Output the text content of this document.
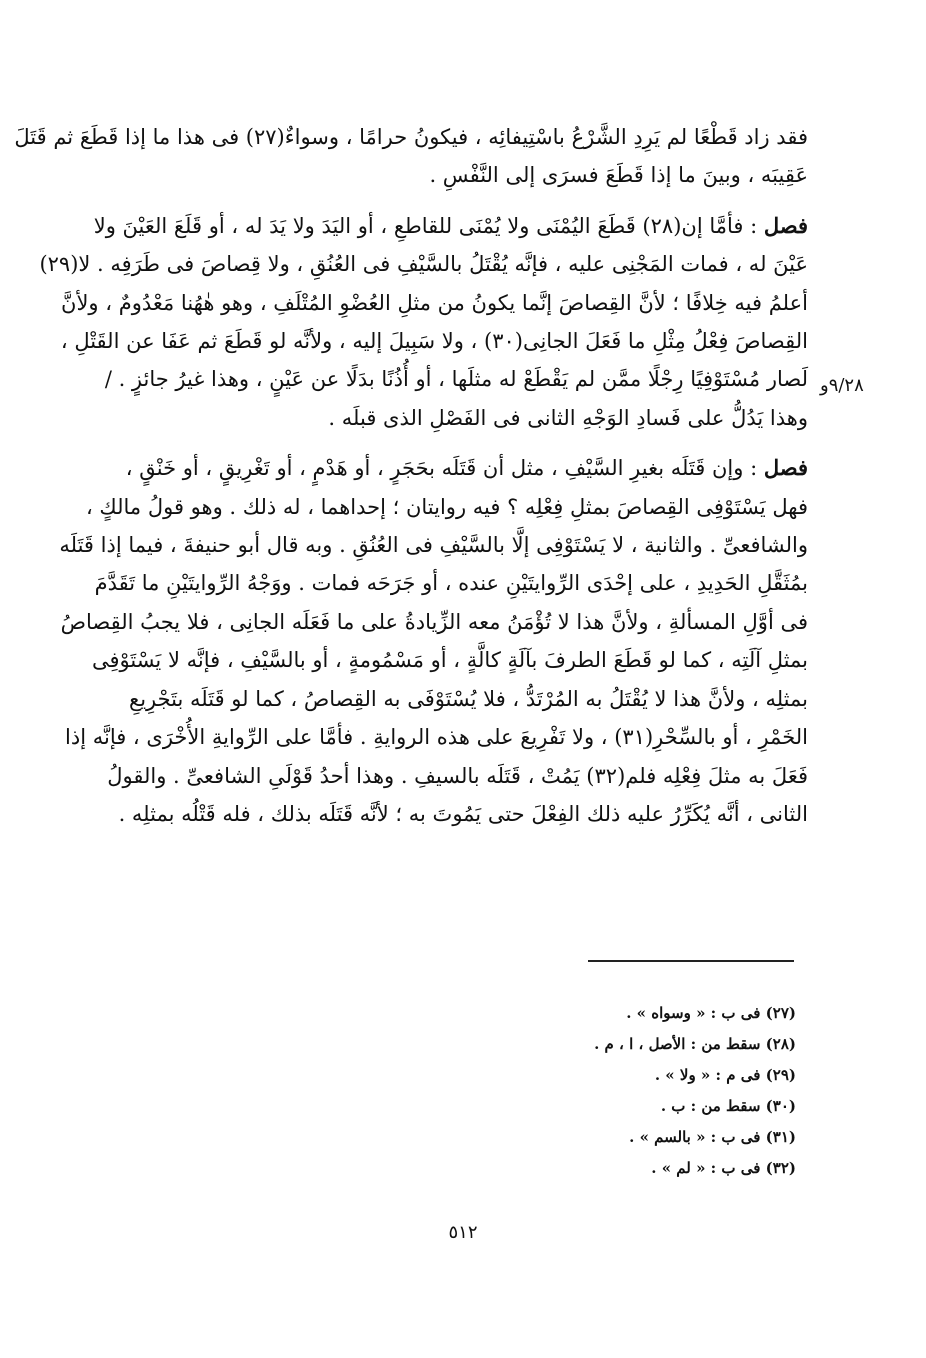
فقد زاد قَطْعًا لم يَرِدِ الشَّرْعُ باسْتِيفائِه ، فيكونُ حرامًا ، وسواءٌ(٢٧) فى هذا ما إذا قَطَعَ ثم قَتَلَ
عَقِيبَه ، وبينَ ما إذا قَطَعَ فسرَى إلى النَّفْسِ .
فصل : فأمَّا إن(٢٨) قَطَعَ اليُمْنَى ولا يُمْنَى للقاطعِ ، أو اليَدَ ولا يَدَ له ، أو قَلَعَ العَيْنَ ولا
عَيْنَ له ، فمات المَجْنِى عليه ، فإنَّه يُقْتَلُ بالسَّيْفِ فى العُنُقِ ، ولا قِصاصَ فى طَرَفِه . لا(٢٩)
أعلمُ فيه خِلافًا ؛ لأنَّ القِصاصَ إنَّما يكونُ من مثلِ العُضْوِ المُتْلَفِ ، وهو هٰهُنا مَعْدُومٌ ، ولأنَّ
القِصاصَ فِعْلُ مِثْلِ ما فَعَلَ الجانِى(٣٠) ، ولا سَبِيلَ إليه ، ولأنَّه لو قَطَعَ ثم عَفَا عن القَتْلِ ،
لَصار مُسْتَوْفِيًا رِجْلًا ممَّن لم يَقْطَعْ له مثلَها ، أو أُذُنًا بدَلًا عن عَيْنٍ ، وهذا غيرُ جائزٍ . /
وهذا يَدُلُّ على فَسادِ الوَجْهِ الثانى فى الفَصْلِ الذى قبلَه .
فصل : وإن قَتَلَه بغيرِ السَّيْفِ ، مثل أن قَتَلَه بحَجَرٍ ، أو هَدْمٍ ، أو تَغْرِيقٍ ، أو خَنْقٍ ،
فهل يَسْتَوْفِى القِصاصَ بمثلِ فِعْلِه ؟ فيه روايتان ؛ إحداهما ، له ذلك . وهو قولُ مالكٍ ،
والشافعىِّ . والثانية ، لا يَسْتَوْفِى إلَّا بالسَّيْفِ فى العُنُقِ . وبه قال أبو حنيفةَ ، فيما إذا قَتَلَه
بمُثَقَّلِ الحَدِيدِ ، على إحْدَى الرِّوايتَيْنِ عنده ، أو جَرَحَه فمات . ووَجْهُ الرِّوايتَيْنِ ما تَقَدَّمَ
فى أوَّلِ المسألةِ ، ولأنَّ هذا لا تُؤْمَنُ معه الزِّيادةُ على ما فَعَلَه الجانِى ، فلا يجبُ القِصاصُ
بمثلِ آلَتِه ، كما لو قَطَعَ الطرفَ بآلَةٍ كالَّةٍ ، أو مَسْمُومةٍ ، أو بالسَّيْفِ ، فإنَّه لا يَسْتَوْفِى
بمثلِه ، ولأنَّ هذا لا يُقْتَلُ به المُرْتَدُّ ، فلا يُسْتَوْفَى به القِصاصُ ، كما لو قَتَلَه بتَجْرِيعِ
الخَمْرِ ، أو بالسِّحْرِ(٣١) ، ولا تَفْرِيعَ على هذه الروايةِ . فأمَّا على الرِّوايةِ الأُخْرَى ، فإنَّه إذا
فَعَلَ به مثلَ فِعْلِه فلم(٣٢) يَمُتْ ، قَتَلَه بالسيفِ . وهذا أحدُ قَوْلَىِ الشافعىِّ . والقولُ
الثانى ، أنَّه يُكَرِّرُ عليه ذلك الفِعْلَ حتى يَمُوتَ به ؛ لأنَّه قَتَلَه بذلك ، فله قَتْلُه بمثلِه .
٩/٢٨و
(٢٧) فى ب : « وسواه » .
(٢٨) سقط من : الأصل ، ا ، م .
(٢٩) فى م : « ولا » .
(٣٠) سقط من : ب .
(٣١) فى ب : « بالسم » .
(٣٢) فى ب : « لم » .
٥١٢
